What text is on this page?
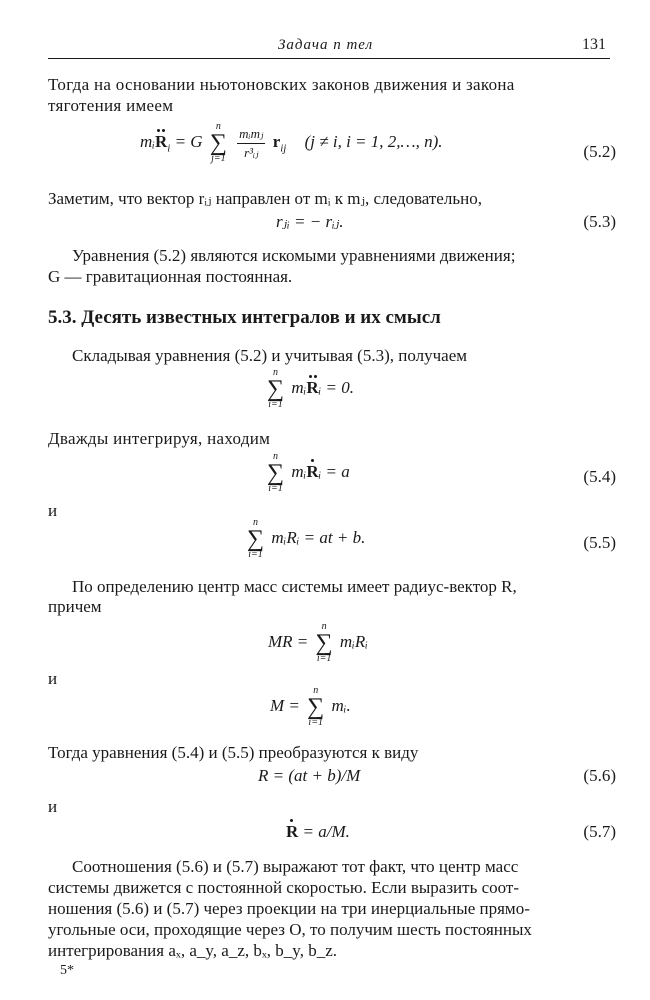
Задача n тел	131
Тогда на основании ньютоновских законов движения и закона
тяготения имеем
mᵢR$_i$ = G
n
∑
j=1
$\frac{\text{mᵢmⱼ}}{\text{r³ᵢⱼ}} r_{ij}$ (j ≠ i, i = 1, 2,…, n).
(5.2)
Заметим, что вектор rᵢⱼ направлен от mᵢ к mⱼ, следовательно,
rⱼᵢ = − rᵢⱼ.	(5.3)
Уравнения (5.2) являются искомыми уравнениями движения;
G — гравитационная постоянная.
5.3. Десять известных интегралов и их смысл
Складывая уравнения (5.2) и учитывая (5.3), получаем
n
∑
i=1
mᵢRᵢ = 0.
Дважды интегрируя, находим
n
∑
i=1
mᵢRᵢ = a	(5.4)
и
n
∑
i=1
mᵢRᵢ = at + b.	(5.5)
По определению центр масс системы имеет радиус-вектор R,
причем
MR =
n
∑
i=1
mᵢRᵢ
и
M =
n
∑
i=1
mᵢ.
Тогда уравнения (5.4) и (5.5) преобразуются к виду
R = (at + b)/M	(5.6)
и
R = a/M.	(5.7)
Соотношения (5.6) и (5.7) выражают тот факт, что центр масс
системы движется с постоянной скоростью. Если выразить соот-
ношения (5.6) и (5.7) через проекции на три инерциальные прямо-
угольные оси, проходящие через O, то получим шесть постоянных
интегрирования aₓ, a_y, a_z, bₓ, b_y, b_z.
5*
